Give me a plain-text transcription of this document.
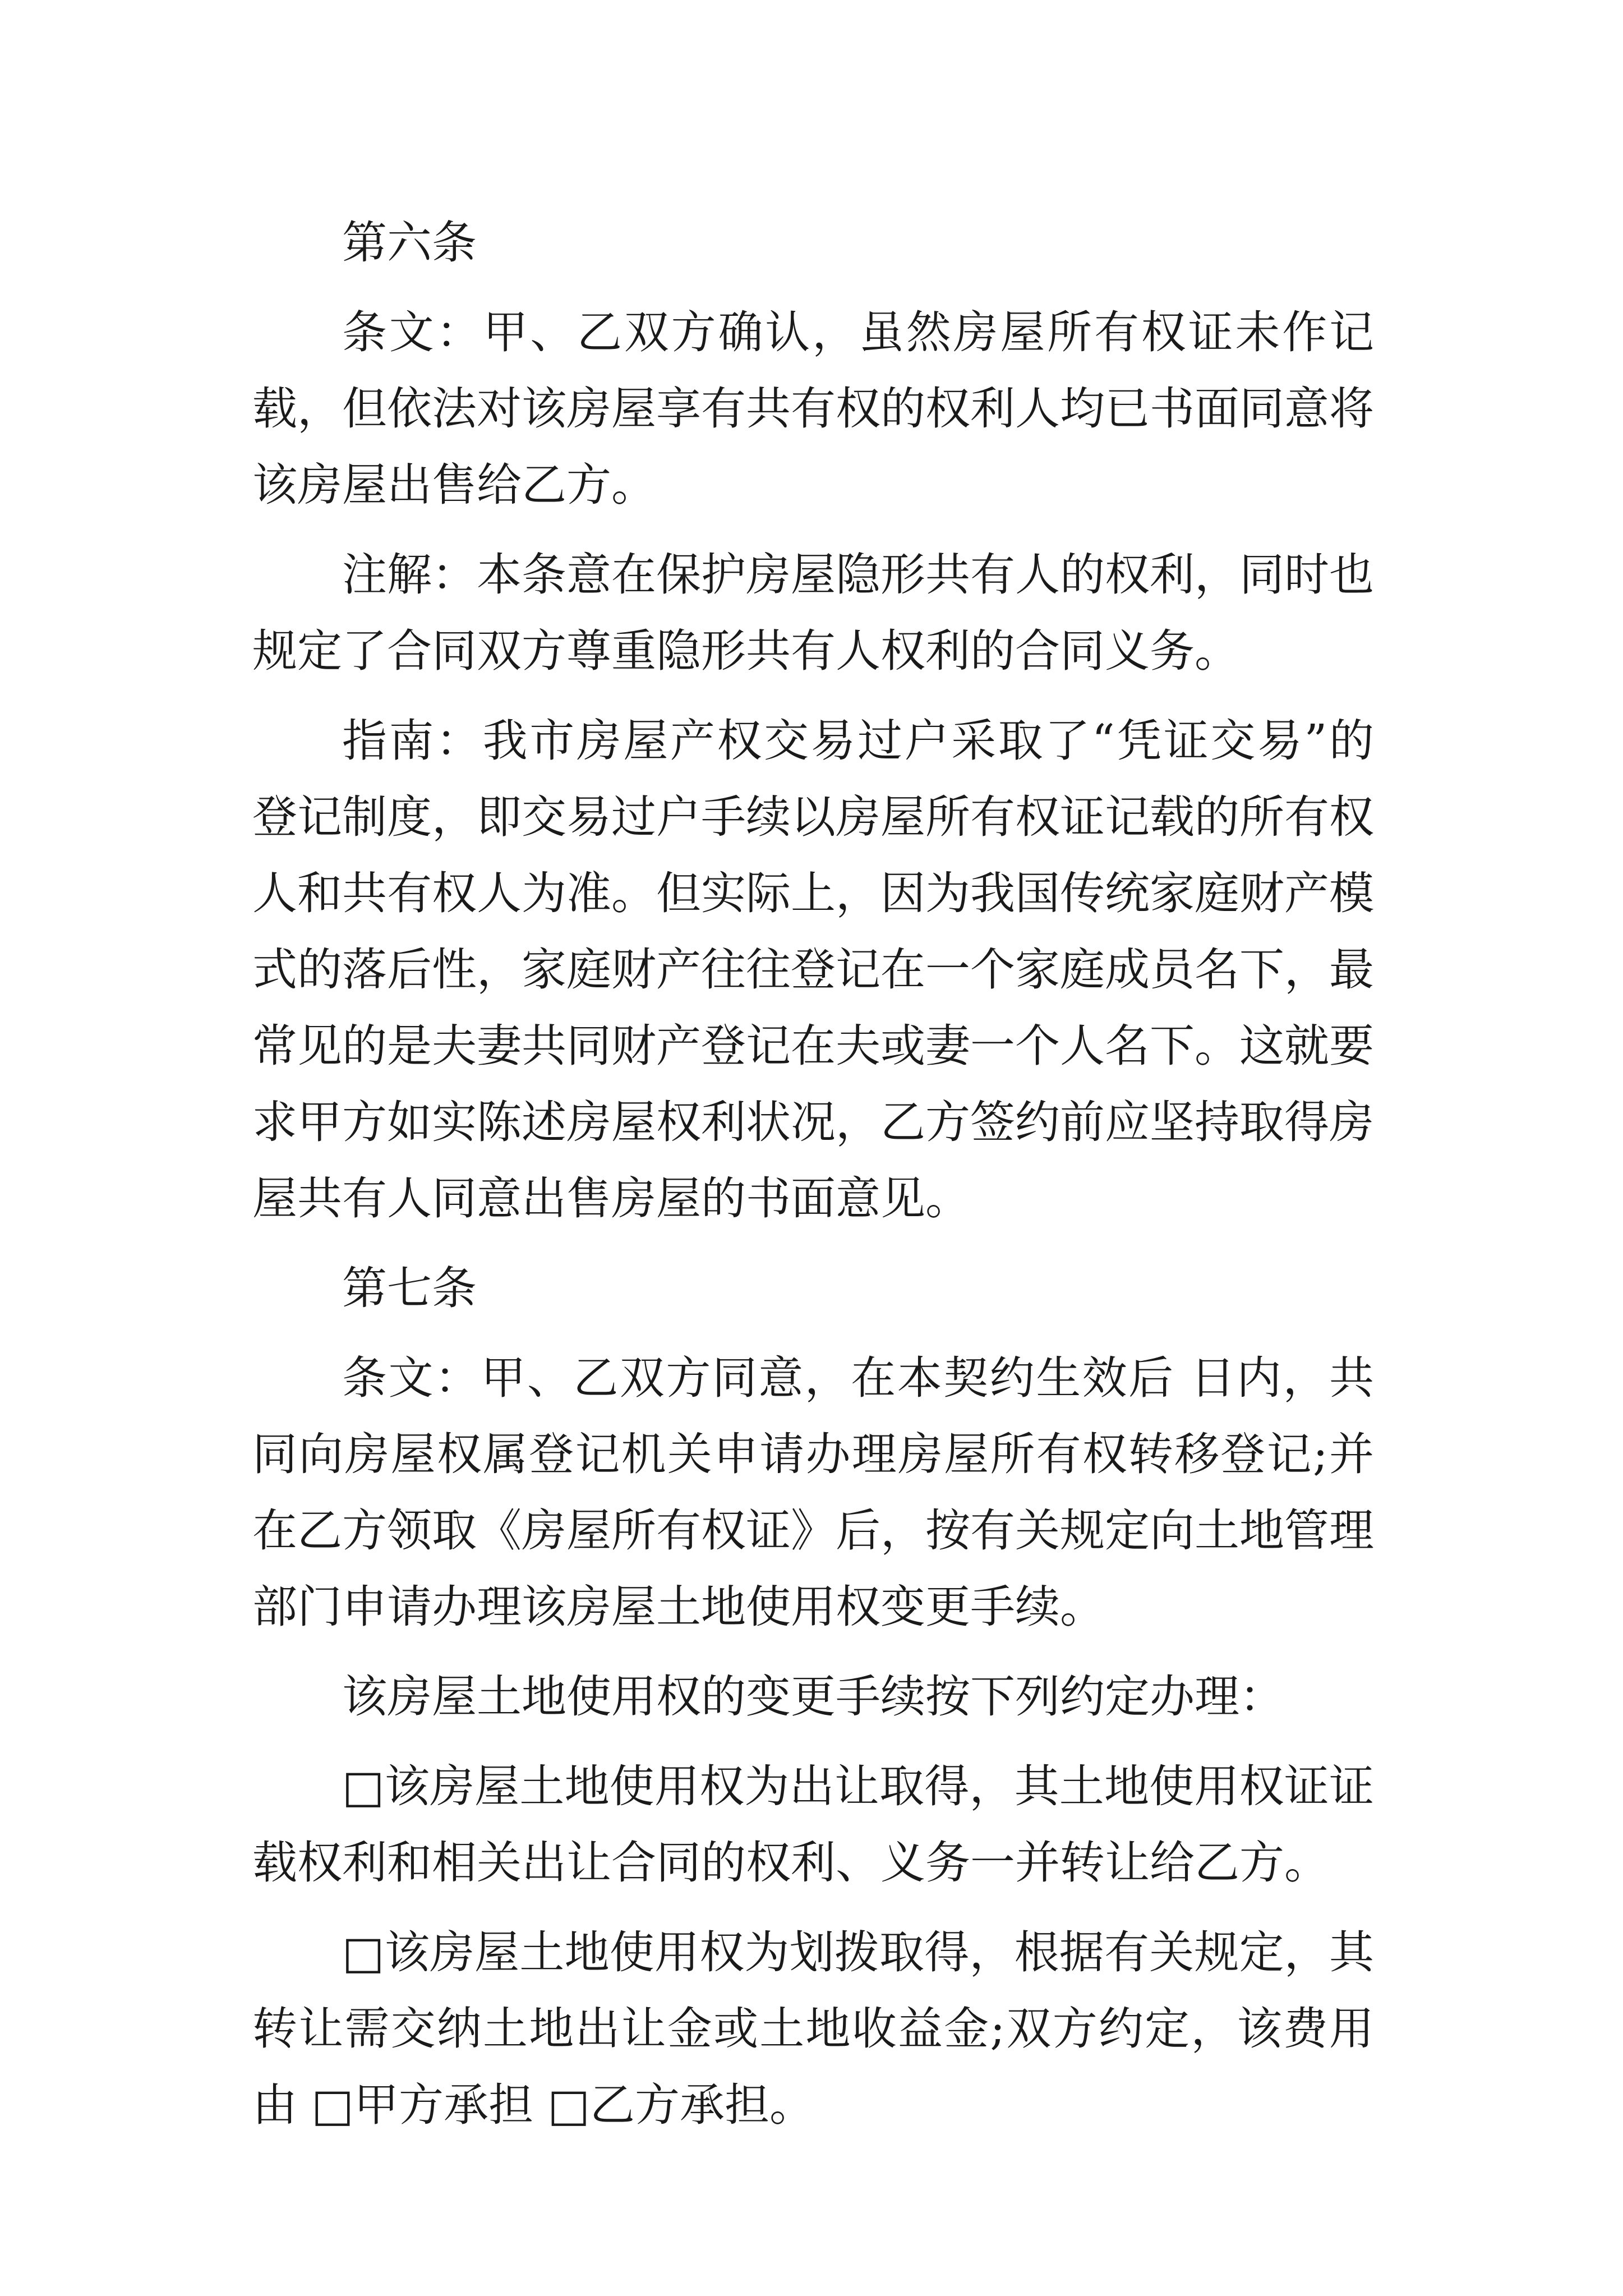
第六条

条文：甲、乙双方确认，虽然房屋所有权证未作记载，但依法对该房屋享有共有权的权利人均已书面同意将该房屋出售给乙方。

注解：本条意在保护房屋隐形共有人的权利，同时也规定了合同双方尊重隐形共有人权利的合同义务。

指南：我市房屋产权交易过户采取了“凭证交易”的登记制度，即交易过户手续以房屋所有权证记载的所有权人和共有权人为准。但实际上，因为我国传统家庭财产模式的落后性，家庭财产往往登记在一个家庭成员名下，最常见的是夫妻共同财产登记在夫或妻一个人名下。这就要求甲方如实陈述房屋权利状况，乙方签约前应坚持取得房屋共有人同意出售房屋的书面意见。

第七条

条文：甲、乙双方同意，在本契约生效后 日内，共同向房屋权属登记机关申请办理房屋所有权转移登记;并在乙方领取《房屋所有权证》后，按有关规定向土地管理部门申请办理该房屋土地使用权变更手续。

该房屋土地使用权的变更手续按下列约定办理：

□该房屋土地使用权为出让取得，其土地使用权证证载权利和相关出让合同的权利、义务一并转让给乙方。

□该房屋土地使用权为划拨取得，根据有关规定，其转让需交纳土地出让金或土地收益金;双方约定，该费用由 □甲方承担 □乙方承担。
